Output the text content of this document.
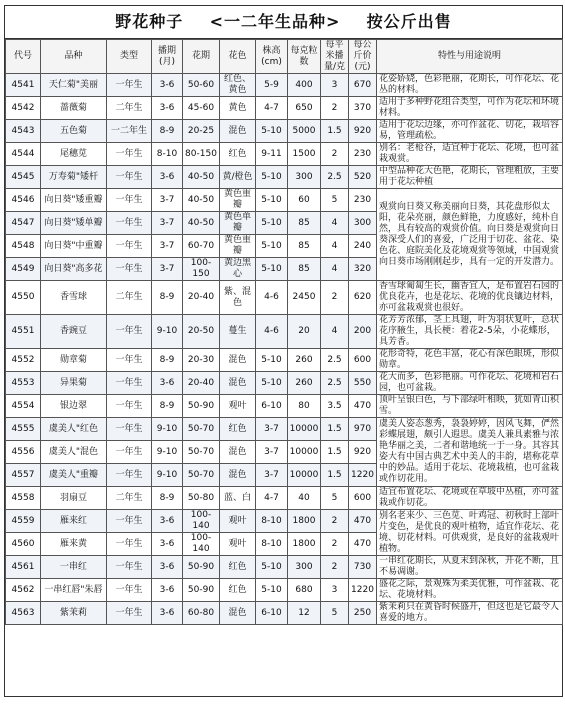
野花种子    <一二年生品种>    按公斤出售
代号	品种	类型	播期(月)	花期	花色	株高(cm)	每克粒数	每平米播量/克	每公斤价(元)	特性与用途说明
4541	天仁菊"美丽	一年生	3-6	50-60	红色、黄色	5-9	400	3	670	花姿娇娆，色彩艳丽，花期长，可作花坛、花丛的材料。
4542	蔷薇菊	二年生	3-6	45-60	黄色	4-7	650	2	370	适用于多种野花组合类型，可作为花坛和环境材料。
4543	五色菊	一二年生	8-9	20-25	混色	5-10	5000	1.5	920	适用于花坛边缘，亦可作盆花、切花，栽培容易，管理疏松。
4544	尾穗苋	一年生	8-10	80-150	红色	9-11	1500	2	230	别名：老枪谷，适宜种于花坛、花境，也可盆栽观赏。
4545	万寿菊"矮杆	一年生	3-6	40-50	黄/橙色	5-10	300	2.5	520	中型品种花大色艳，花期长，管理粗放，主要用于花坛种植
4546	向日葵"矮重瓣	一年生	3-7	40-50	黄色重瓣	5-10	60	5	230	观赏向日葵又称美丽向日葵，其花盘形似太阳，花朵亮丽，颜色鲜艳，力度感好，纯朴自然，具有较高的观赏价值。向日葵是观赏向日葵深受人们的喜爱，广泛用于切花、盆花、染色花、庭院美化及花境观赏等领域，中国观赏向日葵市场刚刚起步，具有一定的开发潜力。
4547	向日葵"矮单瓣	一年生	3-7	40-50	黄色单瓣	5-10	85	4	300	
4548	向日葵"中重瓣	一年生	3-7	60-70	黄色重瓣	5-10	85	4	240	
4549	向日葵"高多花	一年生	3-7	100-150	黄边黑心	5-10	85	4	320	
4550	香雪球	二年生	8-9	20-40	紫、混色	4-6	2450	2	620	香雪球匍匐生长，幽香宜人，是布置岩石园的优良花卉，也是花坛、花境的优良镶边材料，亦可盆栽观赏也很好。
4551	香豌豆	一年生	9-10	20-50	蔓生	4-6	20	4	200	花芳芳浓郁，茎上具翅，叶为羽状复叶，总状花序腋生，具长梗：着花2-5朵，小花蝶形，具芳香。
4552	勋章菊	一年生	8-9	20-30	混色	5-10	260	2.5	600	花形奇特，花色丰富，花心有深色眼斑，形似勋章。
4553	异果菊	一年生	3-6	20-40	混色	5-10	260	2.5	550	花大而多，色彩艳丽。可作花坛、花境和岩石园，也可盆栽。
4554	银边翠	一年生	8-9	50-90	观叶	6-10	80	3.5	470	顶叶呈银白色，与下部绿叶相映，犹如青山积雪。
4555	虞美人"红色	一年生	9-10	50-70	红色	3-7	10000	1.5	970	虞美人姿态葱秀，袅袅婷婷，因风飞舞，俨然彩蝶展翅，颇引人遐思。虞美人兼具素雅与浓艳华丽之美，二者和谐地统一于一身。其容其姿大有中国古典艺术中美人的丰韵，堪称花草中的妙品。适用于花坛、花境栽植，也可盆栽或作切花用。
4556	虞美人"混色	一年生	9-10	50-70	混色	3-7	10000	1.5	920	
4557	虞美人"重瓣	一年生	9-10	50-70	混色	3-7	10000	1.5	1220	
4558	羽扇豆	二年生	8-9	50-80	蓝、白	4-7	40	5	600	适宜布置花坛、花境或在草坡中丛植，亦可盆栽或作切花。
4559	雁来红	一年生	3-6	100-140	观叶	8-10	1800	2	470	别名老来少、三色苋、叶鸡冠、初秋时上部叶片变色，是优良的观叶植物，适宜作花坛、花境、切花材料。可供观赏，是良好的盆栽观叶植物。
4560	雁来黄	一年生	3-6	100-140	观叶	8-10	1800	2	470	
4561	一串红	一年生	3-6	50-90	红色	5-10	300	2	730	一串红花期长，从夏末到深秋，开花不断，且不易凋谢。
4562	一串红唇"朱唇	一年生	3-6	50-90	红色	5-10	680	3	1220	盛花之际，景观殊为柔美优雅，可作盆栽、花坛、花境材料。
4563	紫茉莉	一年生	3-6	60-80	混色	6-10	12	5	250	紫茉莉只在黄昏时候盛开，但这也是它最令人喜爱的地方。
